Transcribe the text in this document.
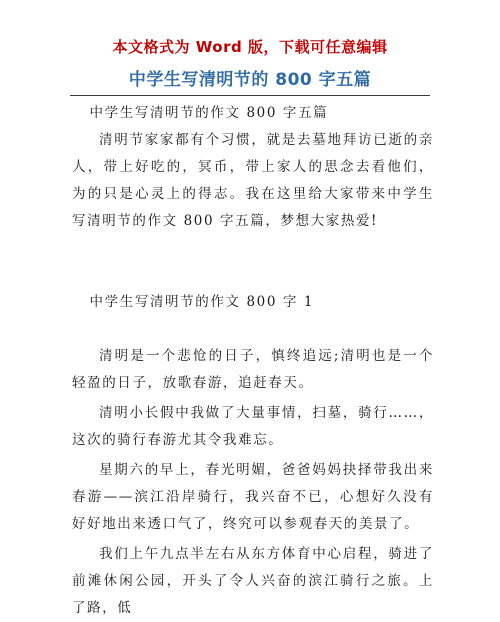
本文格式为 Word 版，下载可任意编辑
中学生写清明节的 800 字五篇

中学生写清明节的作文 800 字五篇

清明节家家都有个习惯，就是去墓地拜访已逝的亲人，带上好吃的，冥币，带上家人的思念去看他们，为的只是心灵上的得志。我在这里给大家带来中学生写清明节的作文 800 字五篇，梦想大家热爱!

中学生写清明节的作文 800 字 1

清明是一个悲怆的日子，慎终追远;清明也是一个轻盈的日子，放歌春游，追赶春天。

清明小长假中我做了大量事情，扫墓，骑行……，这次的骑行春游尤其令我难忘。

星期六的早上，春光明媚，爸爸妈妈抉择带我出来春游——滨江沿岸骑行，我兴奋不已，心想好久没有好好地出来透口气了，终究可以参观春天的美景了。

我们上午九点半左右从东方体育中心启程，骑进了前滩休闲公园，开头了令人兴奋的滨江骑行之旅。上了路，低
